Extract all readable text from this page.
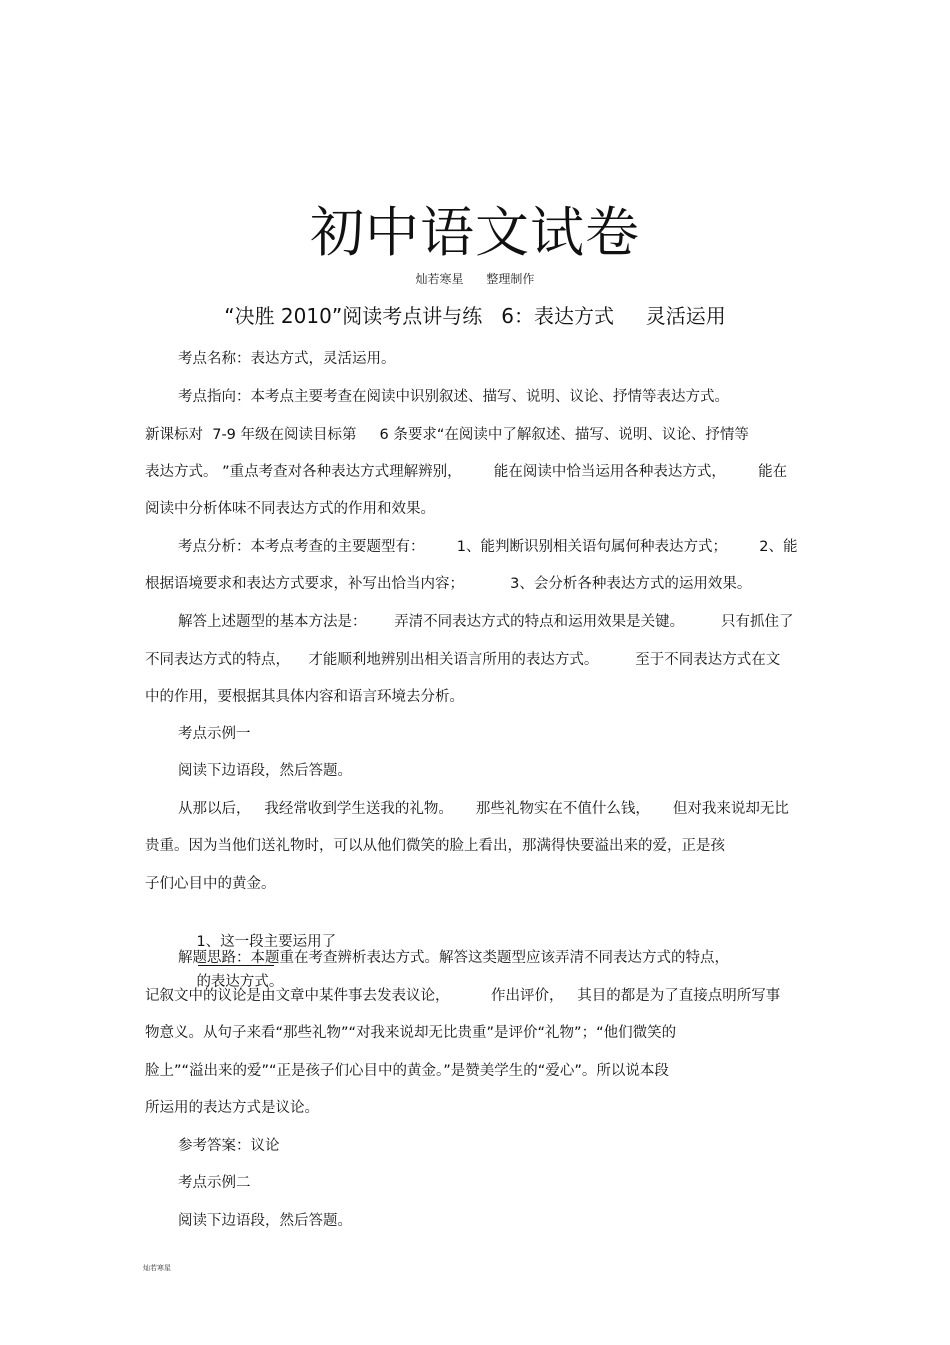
初中语文试卷
灿若寒星      整理制作
“决胜 2010”阅读考点讲与练   6：表达方式     灵活运用
考点名称：表达方式，灵活运用。
考点指向：本考点主要考查在阅读中识别叙述、描写、说明、议论、抒情等表达方式。
新课标对  7-9 年级在阅读目标第     6 条要求“在阅读中了解叙述、描写、说明、议论、抒情等
表达方式。 ”重点考查对各种表达方式理解辨别，       能在阅读中恰当运用各种表达方式，       能在
阅读中分析体味不同表达方式的作用和效果。
考点分析：本考点考查的主要题型有：       1、能判断识别相关语句属何种表达方式；       2、能
根据语境要求和表达方式要求，补写出恰当内容；          3、会分析各种表达方式的运用效果。
解答上述题型的基本方法是：      弄清不同表达方式的特点和运用效果是关键。        只有抓住了
不同表达方式的特点，    才能顺利地辨别出相关语言所用的表达方式。        至于不同表达方式在文
中的作用，要根据其具体内容和语言环境去分析。
考点示例一
阅读下边语段，然后答题。
从那以后，   我经常收到学生送我的礼物。     那些礼物实在不值什么钱，     但对我来说却无比
贵重。因为当他们送礼物时，可以从他们微笑的脸上看出，那满得快要溢出来的爱，正是孩
子们心目中的黄金。

1、这一段主要运用了

的表达方式。

解题思路：本题重在考查辨析表达方式。解答这类题型应该弄清不同表达方式的特点，
记叙文中的议论是由文章中某件事去发表议论，         作出评价，   其目的都是为了直接点明所写事
物意义。从句子来看“那些礼物”“对我来说却无比贵重”是评价“礼物”；“他们微笑的
脸上”“溢出来的爱”“正是孩子们心目中的黄金。”是赞美学生的“爱心”。所以说本段
所运用的表达方式是议论。
参考答案：议论
考点示例二
阅读下边语段，然后答题。
灿若寒星
